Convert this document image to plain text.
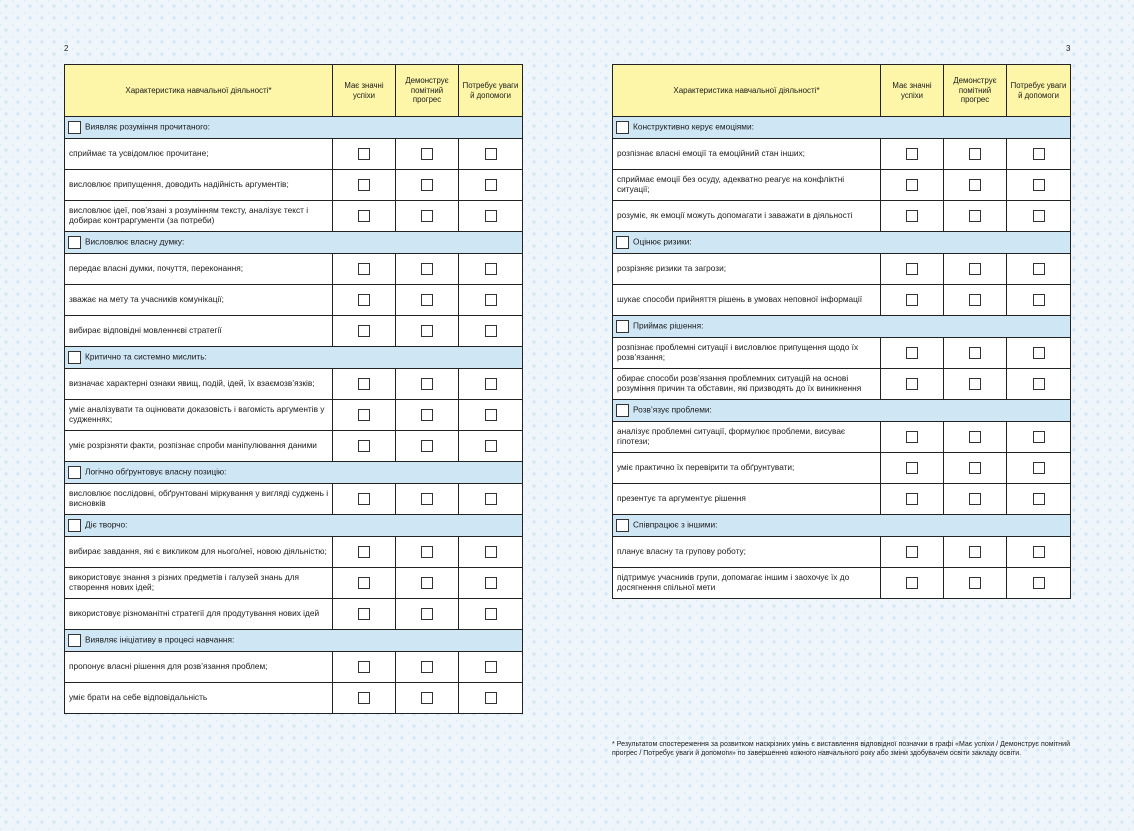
2	3
Характеристика навчальної діяльності*	Має значні успіхи	Демонструє помітний прогрес	Потребує уваги й допомоги
Виявляє розуміння прочитаного:			
сприймає та усвідомлює прочитане;			
висловлює припущення, доводить надійність аргументів;			
висловлює ідеї, пов’язані з розумінням тексту, аналізує текст і добирає контраргументи (за потреби)			
Висловлює власну думку:			
передає власні думки, почуття, переконання;			
зважає на мету та учасників комунікації;			
вибирає відповідні мовленнєві стратегії			
Критично та системно мислить:			
визначає характерні ознаки явищ, подій, ідей, їх взаємозв’язків;			
уміє аналізувати та оцінювати доказовість і вагомість аргументів у судженнях;			
уміє розрізняти факти, розпізнає спроби маніпулювання даними			
Логічно обґрунтовує власну позицію:			
висловлює послідовні, обґрунтовані міркування у вигляді суджень і висновків			
Діє творчо:			
вибирає завдання, які є викликом для нього/неї, новою діяльністю;			
використовує знання з різних предметів і галузей знань для створення нових ідей;			
використовує різноманітні стратегії для продутування нових ідей			
Виявляє ініціативу в процесі навчання:			
пропонує власні рішення для розв’язання проблем;			
уміє брати на себе відповідальність			
Характеристика навчальної діяльності*	Має значні успіхи	Демонструє помітний прогрес	Потребує уваги й допомоги
Конструктивно керує емоціями:			
розпізнає власні емоції та емоційний стан інших;			
сприймає емоції без осуду, адекватно реагує на конфліктні ситуації;			
розуміє, як емоції можуть допомагати і заважати в діяльності			
Оцінює ризики:			
розрізняє ризики та загрози;			
шукає способи прийняття рішень в умовах неповної інформації			
Приймає рішення:			
розпізнає проблемні ситуації і висловлює припущення щодо їх розв’язання;			
обирає способи розв’язання проблемних ситуацій на основі розуміння причин та обставин, які призводять до їх виникнення			
Розв’язує проблеми:			
аналізує проблемні ситуації, формулює проблеми, висуває гіпотези;			
уміє практично їх перевірити та обґрунтувати;			
презентує та аргументує рішення			
Співпрацює з іншими:			
планує власну та групову роботу;			
підтримує учасників групи, допомагає іншим і заохочує їх до досягнення спільної мети			
* Результатом спостереження за розвитком наскрізних умінь є виставлення відповідної позначки в графі «Має успіхи / Демонструє помітний прогрес / Потребує уваги й допомоги» по завершенню кожного навчального року або зміни здобувачем освіти закладу освіти.
